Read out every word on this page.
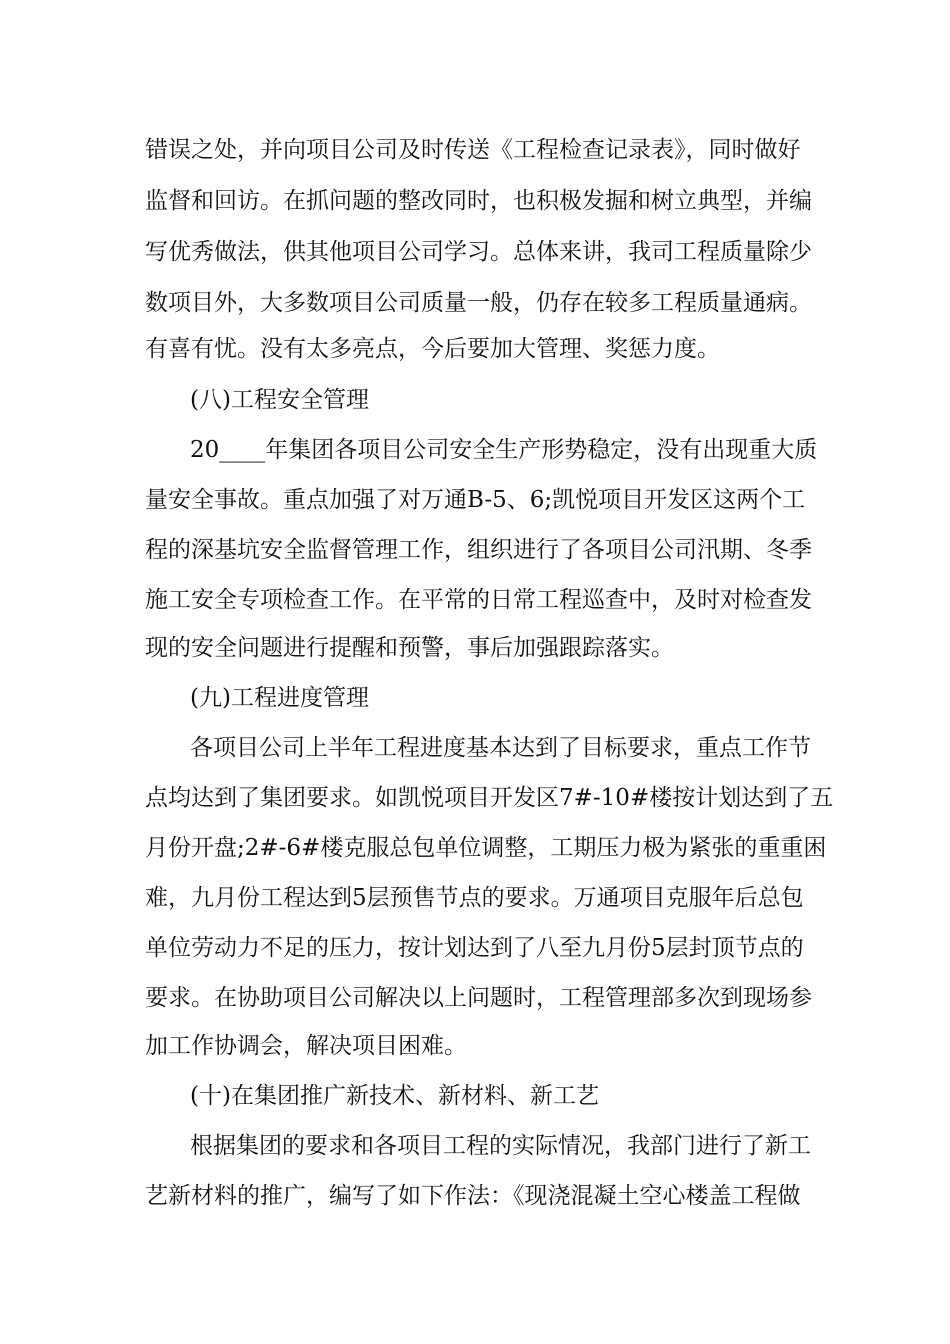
错误之处，并向项目公司及时传送《工程检查记录表》，同时做好
监督和回访。在抓问题的整改同时，也积极发掘和树立典型，并编
写优秀做法，供其他项目公司学习。总体来讲，我司工程质量除少
数项目外，大多数项目公司质量一般，仍存在较多工程质量通病。
有喜有忧。没有太多亮点，今后要加大管理、奖惩力度。
(八)工程安全管理
20____年集团各项目公司安全生产形势稳定，没有出现重大质
量安全事故。重点加强了对万通B-5、6;凯悦项目开发区这两个工
程的深基坑安全监督管理工作，组织进行了各项目公司汛期、冬季
施工安全专项检查工作。在平常的日常工程巡查中，及时对检查发
现的安全问题进行提醒和预警，事后加强跟踪落实。
(九)工程进度管理
各项目公司上半年工程进度基本达到了目标要求，重点工作节
点均达到了集团要求。如凯悦项目开发区7#-10#楼按计划达到了五
月份开盘;2#-6#楼克服总包单位调整，工期压力极为紧张的重重困
难，九月份工程达到5层预售节点的要求。万通项目克服年后总包
单位劳动力不足的压力，按计划达到了八至九月份5层封顶节点的
要求。在协助项目公司解决以上问题时，工程管理部多次到现场参
加工作协调会，解决项目困难。
(十)在集团推广新技术、新材料、新工艺
根据集团的要求和各项目工程的实际情况，我部门进行了新工
艺新材料的推广，编写了如下作法：《现浇混凝土空心楼盖工程做
